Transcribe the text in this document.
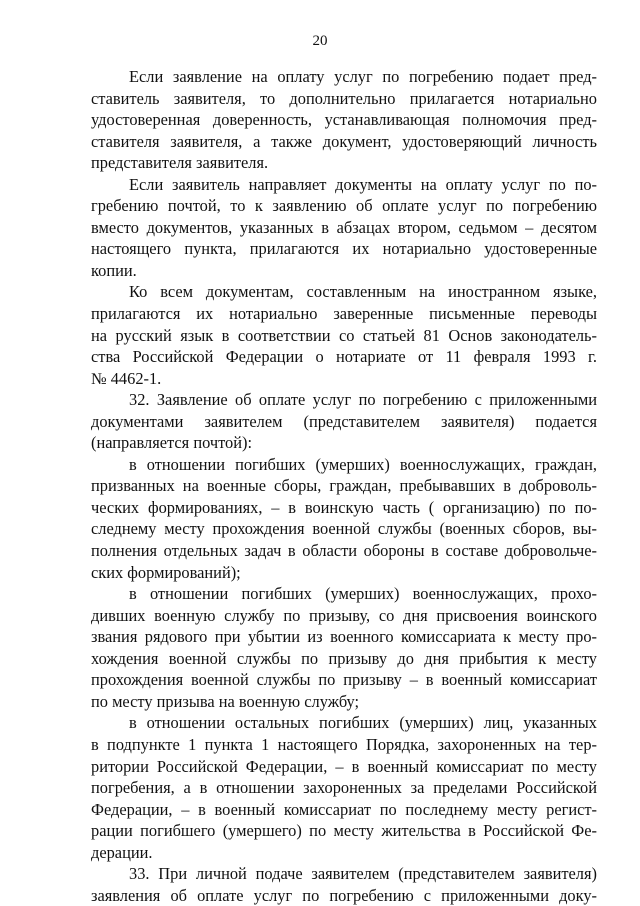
20
Если заявление на оплату услуг по погребению подает пред-
ставитель заявителя, то дополнительно прилагается нотариально
удостоверенная доверенность, устанавливающая полномочия пред-
ставителя заявителя, а также документ, удостоверяющий личность
представителя заявителя.
Если заявитель направляет документы на оплату услуг по по-
гребению почтой, то к заявлению об оплате услуг по погребению
вместо документов, указанных в абзацах втором, седьмом – десятом
настоящего пункта, прилагаются их нотариально удостоверенные
копии.
Ко всем документам, составленным на иностранном языке,
прилагаются их нотариально заверенные письменные переводы
на русский язык в соответствии со статьей 81 Основ законодатель-
ства Российской Федерации о нотариате от 11 февраля 1993 г.
№ 4462-1.
32. Заявление об оплате услуг по погребению с приложенными
документами заявителем (представителем заявителя) подается
(направляется почтой):
в отношении погибших (умерших) военнослужащих, граждан,
призванных на военные сборы, граждан, пребывавших в доброволь-
ческих формированиях, – в воинскую часть ( организацию) по по-
следнему месту прохождения военной службы (военных сборов, вы-
полнения отдельных задач в области обороны в составе добровольче-
ских формирований);
в отношении погибших (умерших) военнослужащих, прохо-
дивших военную службу по призыву, со дня присвоения воинского
звания рядового при убытии из военного комиссариата к месту про-
хождения военной службы по призыву до дня прибытия к месту
прохождения военной службы по призыву – в военный комиссариат
по месту призыва на военную службу;
в отношении остальных погибших (умерших) лиц, указанных
в подпункте 1 пункта 1 настоящего Порядка, захороненных на тер-
ритории Российской Федерации, – в военный комиссариат по месту
погребения, а в отношении захороненных за пределами Российской
Федерации, – в военный комиссариат по последнему месту регист-
рации погибшего (умершего) по месту жительства в Российской Фе-
дерации.
33. При личной подаче заявителем (представителем заявителя)
заявления об оплате услуг по погребению с приложенными доку-
